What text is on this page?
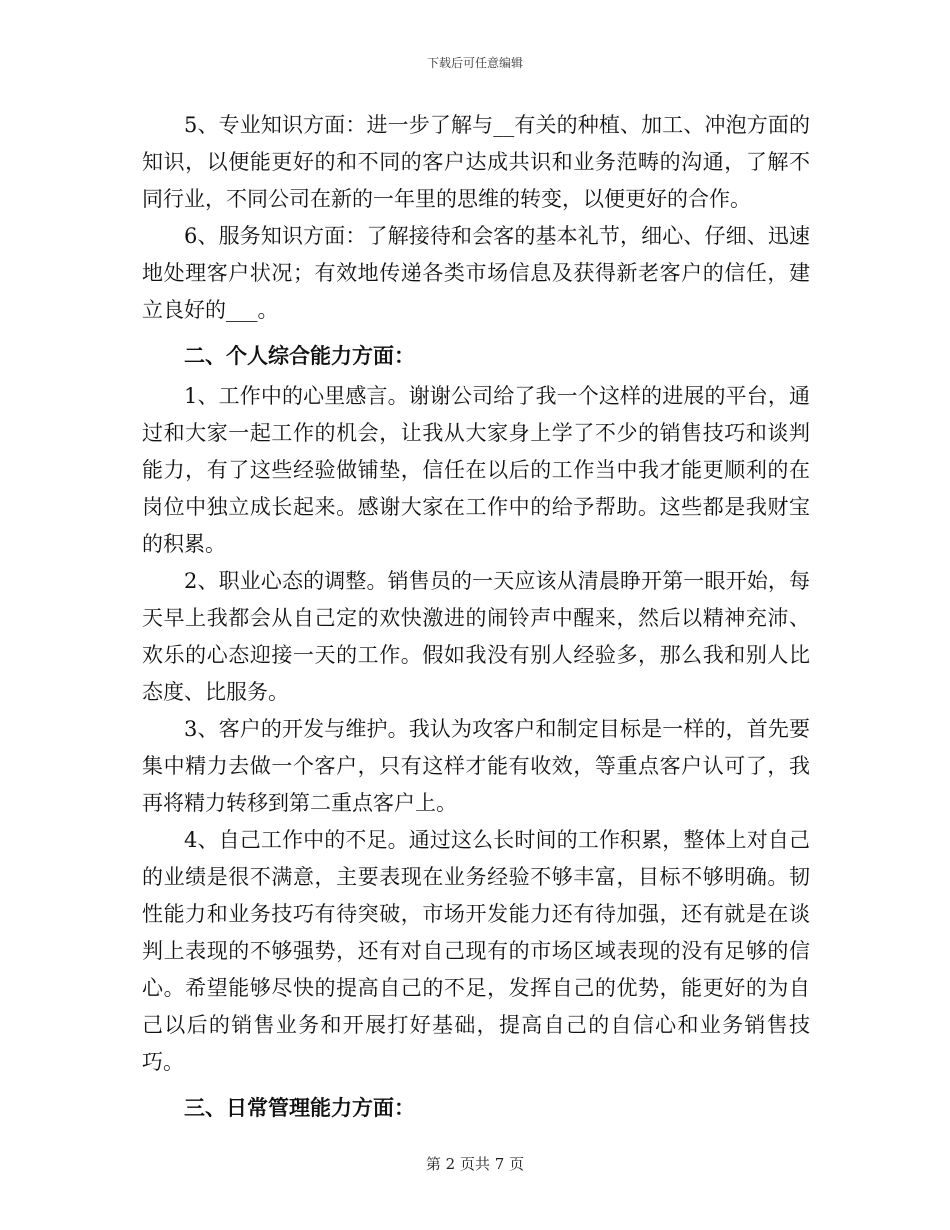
下载后可任意编辑

5、专业知识方面：进一步了解与__有关的种植、加工、冲泡方面的知识，以便能更好的和不同的客户达成共识和业务范畴的沟通，了解不同行业，不同公司在新的一年里的思维的转变，以便更好的合作。

6、服务知识方面：了解接待和会客的基本礼节，细心、仔细、迅速地处理客户状况；有效地传递各类市场信息及获得新老客户的信任，建立良好的___。

二、个人综合能力方面：

1、工作中的心里感言。谢谢公司给了我一个这样的进展的平台，通过和大家一起工作的机会，让我从大家身上学了不少的销售技巧和谈判能力，有了这些经验做铺垫，信任在以后的工作当中我才能更顺利的在岗位中独立成长起来。感谢大家在工作中的给予帮助。这些都是我财宝的积累。

2、职业心态的调整。销售员的一天应该从清晨睁开第一眼开始，每天早上我都会从自己定的欢快激进的闹铃声中醒来，然后以精神充沛、欢乐的心态迎接一天的工作。假如我没有别人经验多，那么我和别人比态度、比服务。

3、客户的开发与维护。我认为攻客户和制定目标是一样的，首先要集中精力去做一个客户，只有这样才能有收效，等重点客户认可了，我再将精力转移到第二重点客户上。

4、自己工作中的不足。通过这么长时间的工作积累，整体上对自己的业绩是很不满意，主要表现在业务经验不够丰富，目标不够明确。韧性能力和业务技巧有待突破，市场开发能力还有待加强，还有就是在谈判上表现的不够强势，还有对自己现有的市场区域表现的没有足够的信心。希望能够尽快的提高自己的不足，发挥自己的优势，能更好的为自己以后的销售业务和开展打好基础，提高自己的自信心和业务销售技巧。

三、日常管理能力方面：

第 2 页共 7 页
